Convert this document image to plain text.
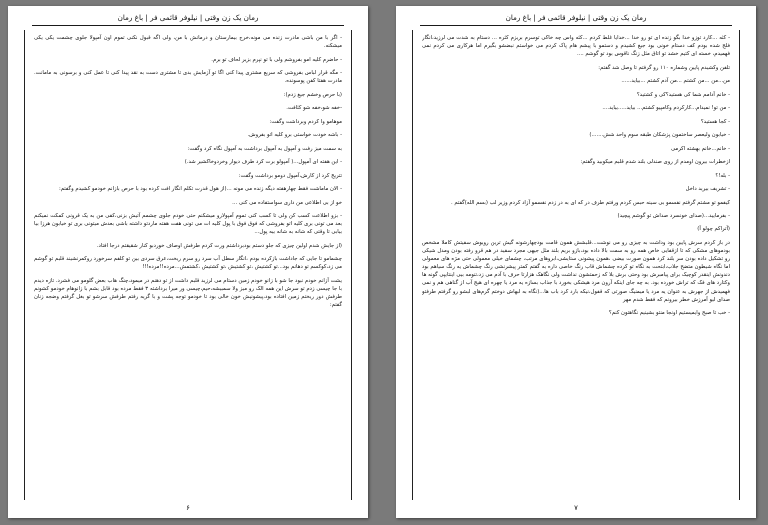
رمان یک زن وقتی | نیلوفر قائمی فر | باغ رمان

- اگر با من باشی مادرت زنده می مونه،خرج بیمارستان و درمانش با من، ولی اگه قبول نکنی تموم اون آمپولا جلوی چشمت یکی یکی میشکنه.

- حاضرم کلیه امو بفروشم ولی با تو نپرم بزیر لحاف تو برم.

- مگه قرار لباس بفروشی که سریع مشتری پیدا کنی اگا تو آزمایش بدی تا مشتری دست به نقد پیدا کنی تا عمل کنی و برسونی به مامانت. مادرت هفتا کفن پوسونده.

(با حرص وخشم جیغ زدم):

-خفه شو،خفه شو کثافت.

موهامو وا کردم وبرداشت وگفت:

- باشه خودت خواستی برو کلیه اتو بفروش.

به سمت میز رفت و آمپول به آمپول برداشت به آمپول نگاه کرد وگفت:

- این هفته ای آمپول...( آمپولو برت کرد طرف دیوار وخردوخاکشیر شد.)

تتریخ کرد از کارش،آمپول دومو برداشت وگفت:

- الان ماماشت فقط چهارهفته دیگه زنده می مونه ...(از هول قدرت تکلم انگار افت کرده بود با حرص بازانم خودمو کشیدم وگفتم:

خو از بی اطلاعی من داری سواستفاده می کنی ...

- بزو اطلاعت کسب کن ولی تا کسب کنی تموم آمپولارو میشکنم حتی خودم جلوی چشمم آتیش بزنی،کفی من به یک قرونی کمکت نمیکنم بعد می تونی بری کلیه اتو بفروشی که فوق فوق با پول کلیه ات می تونی هفت هفته ماردتو داشته باشی بعدش میتونی بری تو خیابون هرزا بیا بیابی تا وقتی که شانه به شانه بیه پول...

(از جایش شدم اولین چیزی که جلو دستم بودبرداشتم ورت کردم طرفش اوصاف خوردبو کنار شقیقتم درجا افتاد.

چشمامو تا جایی که جاداشت بازکرده بودم ،انگار سطل آب سرد رو سرم ریخت،عرق سردی بین تو کلفم سرخورد روکمرنشیند قلبم تو گوشم می زد،کوکسم تو دهانم بود...تو کشتیش ،تو کشتیش ،تو کشتیش ،کشتمش...مرده!!مرده!!!

یشت آزانم خودم نبود جا شو با زانو خودم زمین دستام می لرزید قلبم داشت از تو دهنم در میمود،چنگ هاب بعض گلومو می فشرد. تازه دیدم با جا چیسی زدم تو سرش این همه الک رو میز ولا سمبیشه،حیم،چیسی ور میرا برداشته ۳ فقط مرده بود قابل بشم با زانوهام خودمو کشونم طرفش دور ریختم زمین افتاده بود،پیشونیش خون خالی بود تا خودمو توجه پشت و با گریه رفتم طرفش سرشو تو بغل گرفتم وضجه زنان گفتم:

۶
رمان یک زن وقتی | نیلوفر قائمی فر | باغ رمان

- کثه ...کارد توزو خدا بگو زنده ای تو رو خدا ...خدایا غلط کردم ...کثه واس چه خاکی توسرم بریزم کثره ... دستام به شدت می لرزید،انگار فلج شده بودم کف دستام خونی بود جیغ کشیدم و دستمو با پیشم هام پاک کردم می خواستم نبضشو بگیرم اما هرکاری می کردم نمی فهمیدم، خسته ای کتیم خشد تو اتاق مثل زنگ ناقوس بود تو گوشم ....

تلفن وکشیدم پایین وشماره ۱۱۰ رو گرفتم تا وصل شد گفتم:

من...من ...من کشتم ...من آدم کشتم ...بیاید......

- خانم آدامم شما کی هستید؟کی و کشتید؟

- من تو! نمیدام...کارکردم وکامپیو کشتم... بیاید.....بیاید....

- کجا هستید؟

- خیابون ولیعصر ساختمون پزشکان طبقه سوم واحد شش.......)

- خانم...خانم بهشته اکرمی

ازخطرات بیرون اومدم از روی صندلی بلند شدم قلبم میکوبید وگفتم:

- بله!؟

- تشریف بیرید داخل

کیفمو تو مشتم گرفتم نفسمو بی سینه حبس کردم ورفتم طرف در که ای به در زدم نفسمو آزاد کردم وزیر لب (بسم الله)گفتم .

- بفرمایید...(صدای خونسرد صداش تو گوشم پیچید)

(آتراکم چولو آ)

در باز کردم سرش پایین بود وداشت به چیزی رو می نوشت...قلبشش همون قامت بودچهارشونه گیش ترین رویوش سفیتش کاملا مشخص بودموهای مشکی که تا ازقفایی خاص همه رو به سمت بالا داده بود،بازو بریم بلند مثل جیهی مجرد سفید در هم قرو رفته بودن ومدل شیکی رو تشکیل داده بودن سر بلند کرد همون صورت بیضی ،همون پیشونی ستایشی،ابروهای مرتب، چشمای خیلی معمولی حتی مژه های معمولی اما نگاه شیطون متضح جلاب،ابتحت به نگاه تو کرده چشماش قاب رنگ خاصی داره به گفتم کمتر پیشرنشی رنگ چشماش یه رنگ سیاهم بود دندونش اینقدر کوچیک برای پیامبرش بود وحتی برش بلا که زحمتشون نداشت ولی نگاهک هزارتا حرف با آدم می زد،تنومه بیی اینتایپی گونه ها وکتارد های فک که تراش خورده بود. به چه جای اینکه آرون مرد هیشکی بخورد با جذاب بسازه یه مرد یا چهره ای هیج آب از گناهی هم و نمی فهمیدش از جهرش به عنوان یه مرد یا میمنیگ صورتی که قفول،نیکه بارد کرد باب ها...(نگاه به لبهاش دوختم گرم‌های لبشو رو گرفتم طرفتو صدای لیو آمرزش خطر بیرونم که فقط شدم مهر

- خب تا صبح وایمیستیم اونجا منتو بشینیم نگاهتون کنم؟

۷
